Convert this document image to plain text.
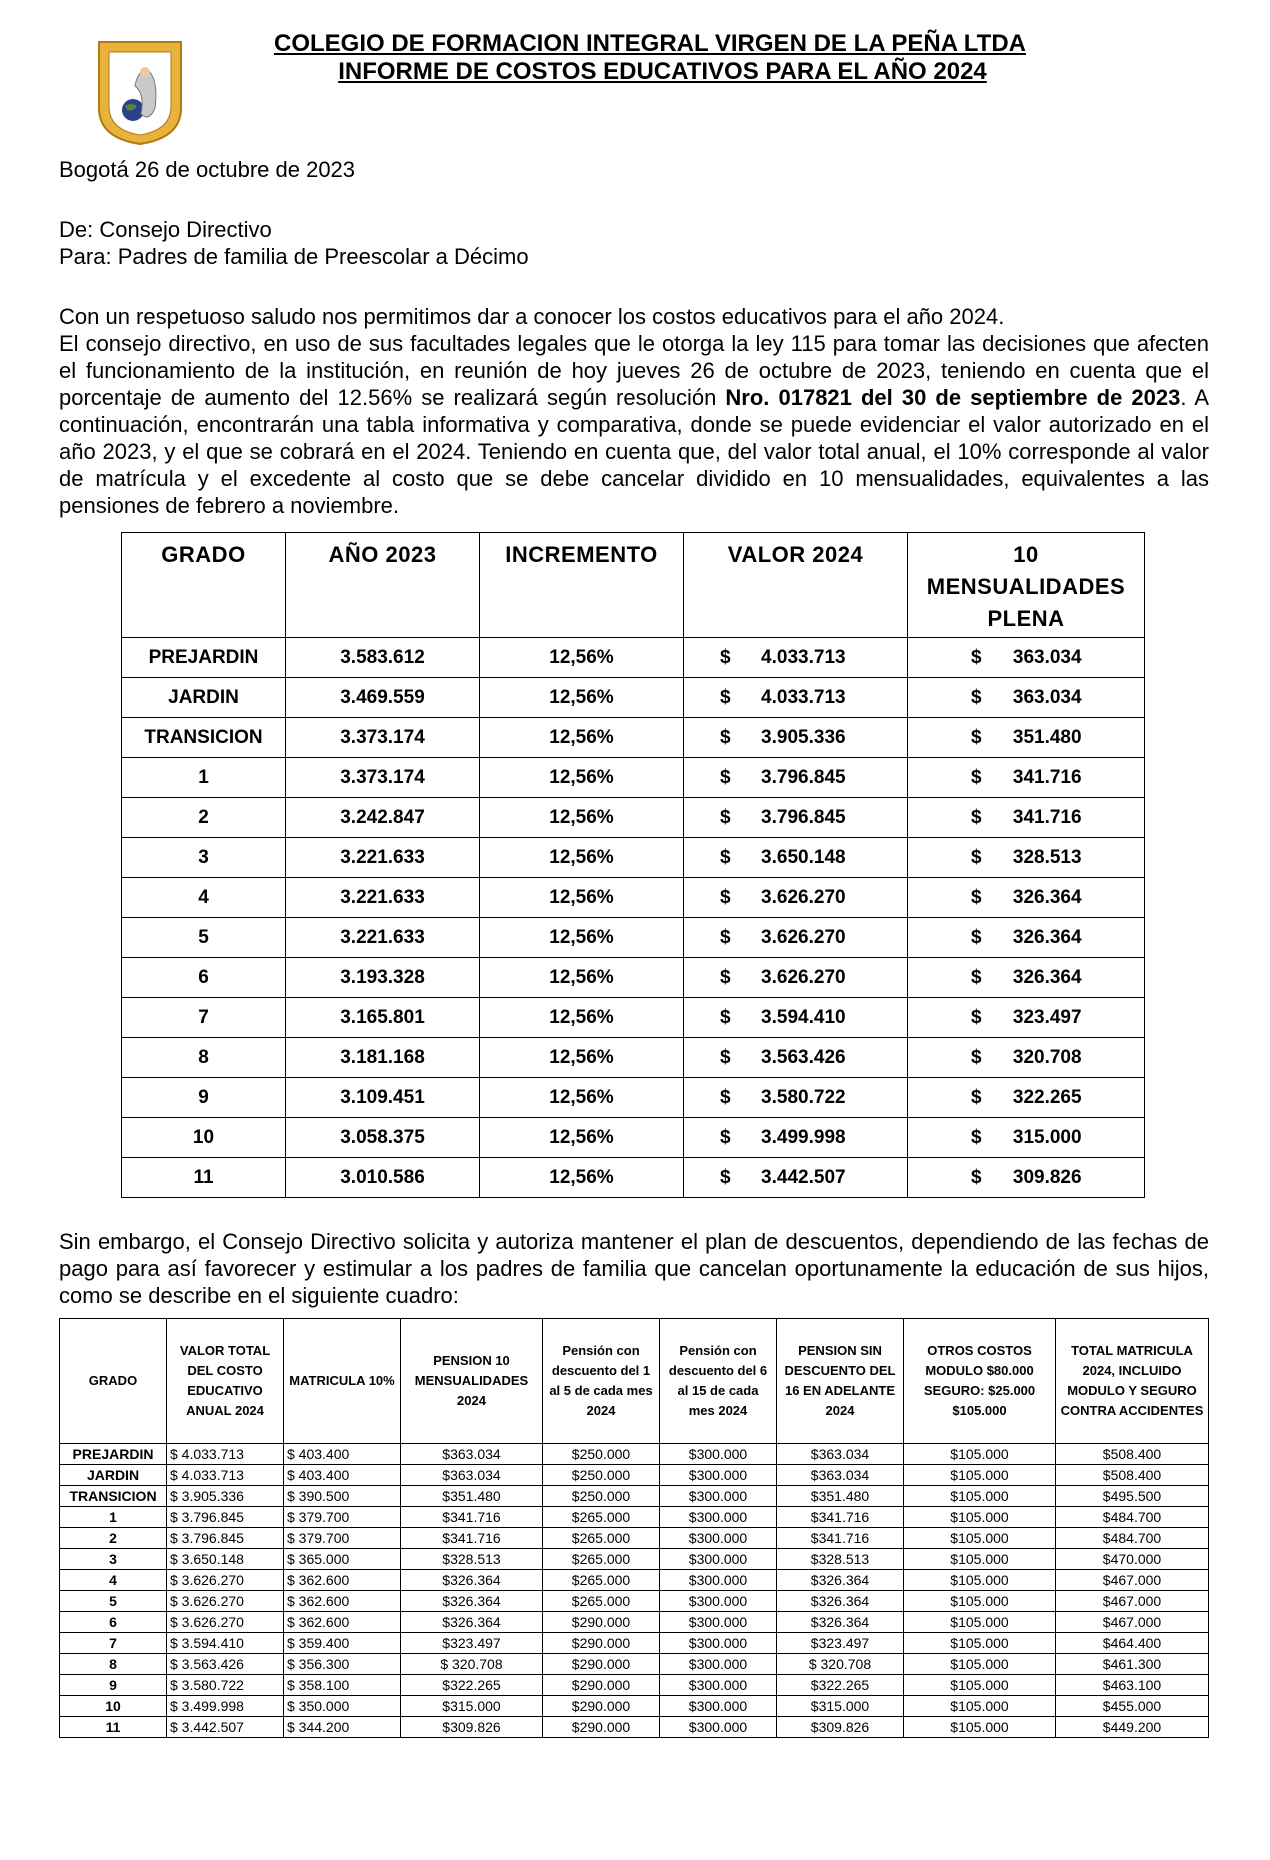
COLEGIO DE FORMACION INTEGRAL VIRGEN DE LA PEÑA LTDA
INFORME DE COSTOS EDUCATIVOS PARA EL AÑO 2024
Bogotá 26 de octubre de 2023
De: Consejo Directivo
Para: Padres de familia de Preescolar a Décimo
Con un respetuoso saludo nos permitimos dar a conocer los costos educativos para el año 2024.
El consejo directivo, en uso de sus facultades legales que le otorga la ley 115 para tomar las decisiones que afecten el funcionamiento de la institución, en reunión de hoy jueves 26 de octubre de 2023, teniendo en cuenta que el porcentaje de aumento del 12.56% se realizará según resolución Nro. 017821 del 30 de septiembre de 2023. A continuación, encontrarán una tabla informativa y comparativa, donde se puede evidenciar el valor autorizado en el año 2023, y el que se cobrará en el 2024. Teniendo en cuenta que, del valor total anual, el 10% corresponde al valor de matrícula y el excedente al costo que se debe cancelar dividido en 10 mensualidades, equivalentes a las pensiones de febrero a noviembre.
GRADO	AÑO 2023	INCREMENTO	VALOR 2024	10 MENSUALIDADES PLENA
PREJARDIN	3.583.612	12,56%	$ 4.033.713	$ 363.034
JARDIN	3.469.559	12,56%	$ 4.033.713	$ 363.034
TRANSICION	3.373.174	12,56%	$ 3.905.336	$ 351.480
1	3.373.174	12,56%	$ 3.796.845	$ 341.716
2	3.242.847	12,56%	$ 3.796.845	$ 341.716
3	3.221.633	12,56%	$ 3.650.148	$ 328.513
4	3.221.633	12,56%	$ 3.626.270	$ 326.364
5	3.221.633	12,56%	$ 3.626.270	$ 326.364
6	3.193.328	12,56%	$ 3.626.270	$ 326.364
7	3.165.801	12,56%	$ 3.594.410	$ 323.497
8	3.181.168	12,56%	$ 3.563.426	$ 320.708
9	3.109.451	12,56%	$ 3.580.722	$ 322.265
10	3.058.375	12,56%	$ 3.499.998	$ 315.000
11	3.010.586	12,56%	$ 3.442.507	$ 309.826
Sin embargo, el Consejo Directivo solicita y autoriza mantener el plan de descuentos, dependiendo de las fechas de pago para así favorecer y estimular a los padres de familia que cancelan oportunamente la educación de sus hijos, como se describe en el siguiente cuadro:
GRADO	VALOR TOTAL DEL COSTO EDUCATIVO ANUAL 2024	MATRICULA 10%	PENSION 10 MENSUALIDADES 2024	Pensión con descuento del 1 al 5 de cada mes 2024	Pensión con descuento del 6 al 15 de cada mes 2024	PENSION SIN DESCUENTO DEL 16 EN ADELANTE 2024	OTROS COSTOS MODULO $80.000 SEGURO: $25.000 $105.000	TOTAL MATRICULA 2024, INCLUIDO MODULO Y SEGURO CONTRA ACCIDENTES
PREJARDIN	$ 4.033.713	$ 403.400	$363.034	$250.000	$300.000	$363.034	$105.000	$508.400
JARDIN	$ 4.033.713	$ 403.400	$363.034	$250.000	$300.000	$363.034	$105.000	$508.400
TRANSICION	$ 3.905.336	$ 390.500	$351.480	$250.000	$300.000	$351.480	$105.000	$495.500
1	$ 3.796.845	$ 379.700	$341.716	$265.000	$300.000	$341.716	$105.000	$484.700
2	$ 3.796.845	$ 379.700	$341.716	$265.000	$300.000	$341.716	$105.000	$484.700
3	$ 3.650.148	$ 365.000	$328.513	$265.000	$300.000	$328.513	$105.000	$470.000
4	$ 3.626.270	$ 362.600	$326.364	$265.000	$300.000	$326.364	$105.000	$467.000
5	$ 3.626.270	$ 362.600	$326.364	$265.000	$300.000	$326.364	$105.000	$467.000
6	$ 3.626.270	$ 362.600	$326.364	$290.000	$300.000	$326.364	$105.000	$467.000
7	$ 3.594.410	$ 359.400	$323.497	$290.000	$300.000	$323.497	$105.000	$464.400
8	$ 3.563.426	$ 356.300	$ 320.708	$290.000	$300.000	$ 320.708	$105.000	$461.300
9	$ 3.580.722	$ 358.100	$322.265	$290.000	$300.000	$322.265	$105.000	$463.100
10	$ 3.499.998	$ 350.000	$315.000	$290.000	$300.000	$315.000	$105.000	$455.000
11	$ 3.442.507	$ 344.200	$309.826	$290.000	$300.000	$309.826	$105.000	$449.200
